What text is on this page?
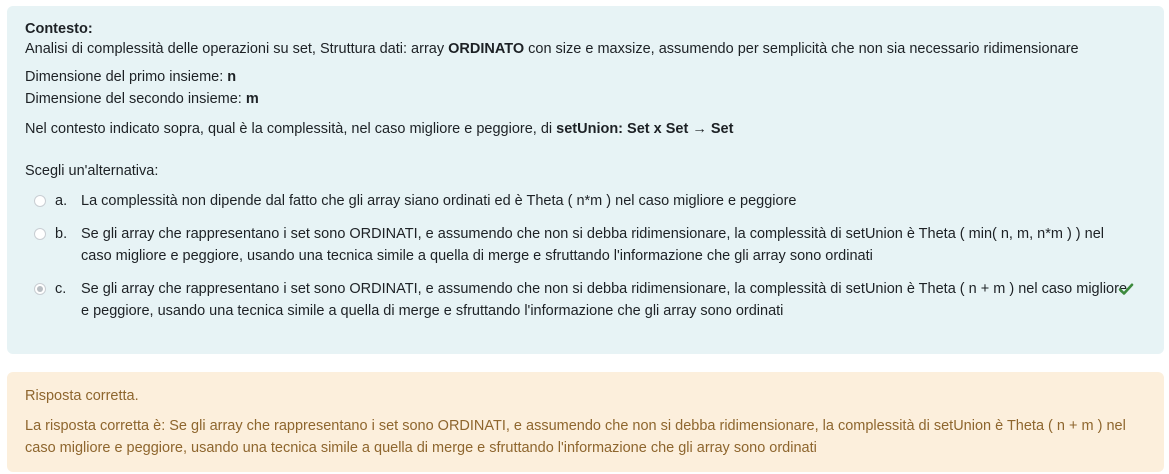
Contesto:
Analisi di complessità delle operazioni su set, Struttura dati: array ORDINATO con size e maxsize, assumendo per semplicità che non sia necessario ridimensionare
Dimensione del primo insieme: n
Dimensione del secondo insieme: m
Nel contesto indicato sopra, qual è la complessità, nel caso migliore e peggiore, di setUnion: Set x Set → Set
Scegli un'alternativa:
a. La complessità non dipende dal fatto che gli array siano ordinati ed è Theta ( n*m ) nel caso migliore e peggiore
b. Se gli array che rappresentano i set sono ORDINATI, e assumendo che non si debba ridimensionare, la complessità di setUnion è Theta ( min( n, m, n*m ) ) nel caso migliore e peggiore, usando una tecnica simile a quella di merge e sfruttando l'informazione che gli array sono ordinati
c.	Se gli array che rappresentano i set sono ORDINATI, e assumendo che non si debba ridimensionare, la complessità di setUnion è Theta ( n + m ) nel caso migliore e peggiore, usando una tecnica simile a quella di merge e sfruttando l'informazione che gli array sono ordinati
Risposta corretta.
La risposta corretta è: Se gli array che rappresentano i set sono ORDINATI, e assumendo che non si debba ridimensionare, la complessità di setUnion è Theta ( n + m ) nel caso migliore e peggiore, usando una tecnica simile a quella di merge e sfruttando l'informazione che gli array sono ordinati
